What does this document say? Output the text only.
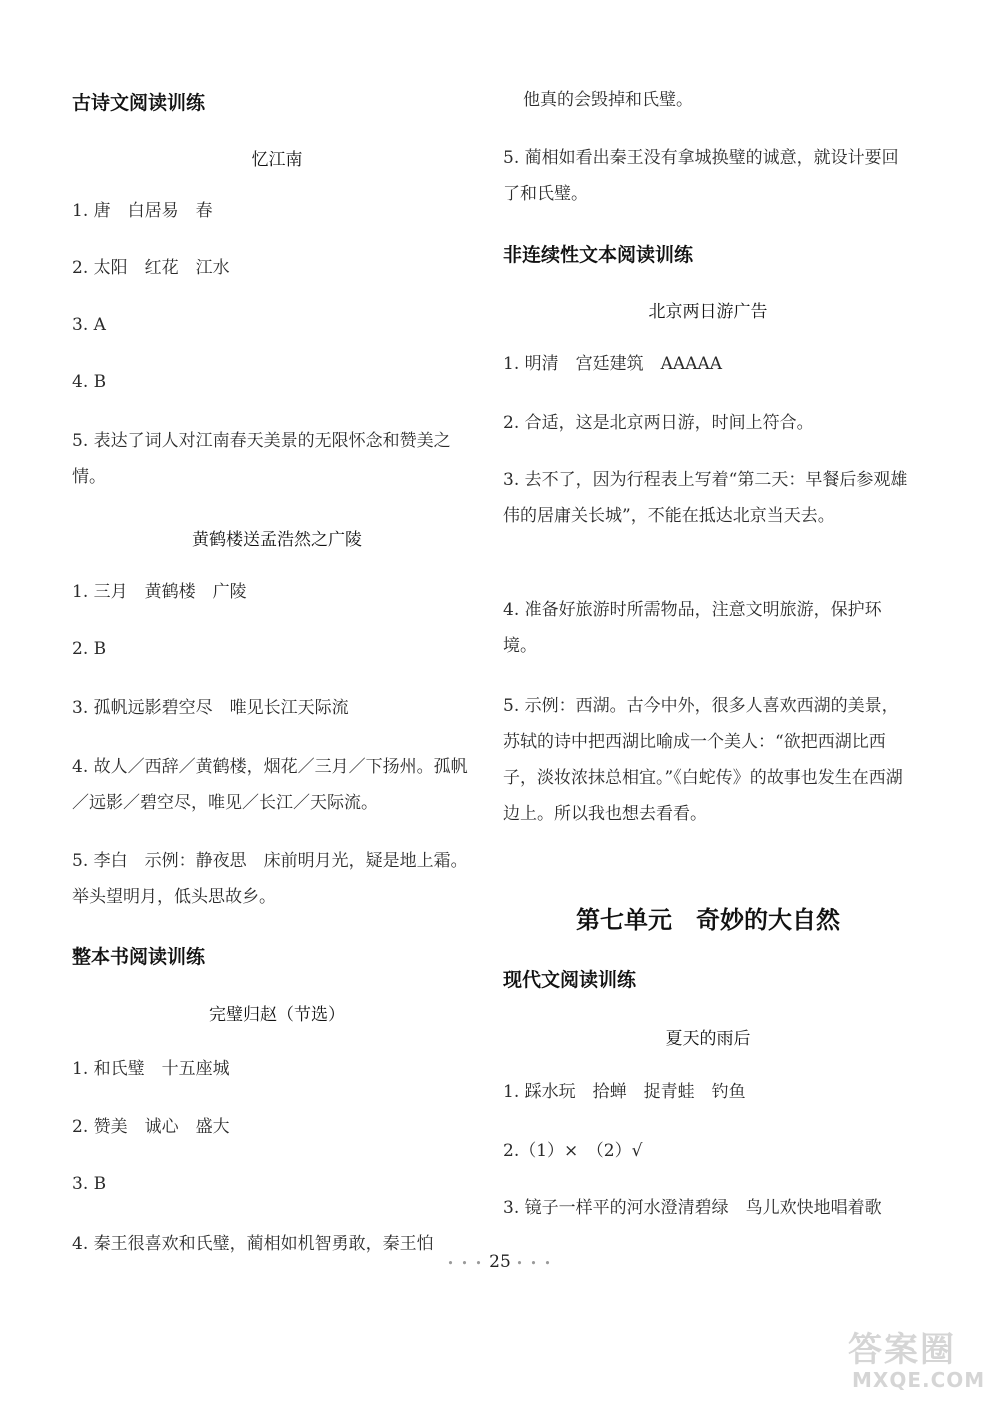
古诗文阅读训练
忆江南
1. 唐　白居易　春
2. 太阳　红花　江水
3. A
4. B
5. 表达了词人对江南春天美景的无限怀念和赞美之情。
黄鹤楼送孟浩然之广陵
1. 三月　黄鹤楼　广陵
2. B
3. 孤帆远影碧空尽　唯见长江天际流
4. 故人／西辞／黄鹤楼，烟花／三月／下扬州。孤帆／远影／碧空尽，唯见／长江／天际流。
5. 李白　示例：静夜思　床前明月光，疑是地上霜。举头望明月，低头思故乡。
整本书阅读训练
完璧归赵（节选）
1. 和氏璧　十五座城
2. 赞美　诚心　盛大
3. B
4. 秦王很喜欢和氏璧，蔺相如机智勇敢，秦王怕
他真的会毁掉和氏璧。
5. 蔺相如看出秦王没有拿城换璧的诚意，就设计要回了和氏璧。
非连续性文本阅读训练
北京两日游广告
1. 明清　宫廷建筑　AAAAA
2. 合适，这是北京两日游，时间上符合。
3. 去不了，因为行程表上写着“第二天：早餐后参观雄伟的居庸关长城”，不能在抵达北京当天去。
4. 准备好旅游时所需物品，注意文明旅游，保护环境。
5. 示例：西湖。古今中外，很多人喜欢西湖的美景，苏轼的诗中把西湖比喻成一个美人：“欲把西湖比西子，淡妆浓抹总相宜。”《白蛇传》的故事也发生在西湖边上。所以我也想去看看。
第七单元　奇妙的大自然
现代文阅读训练
夏天的雨后
1. 踩水玩　拾蝉　捉青蛙　钓鱼
2.（1）×　（2）√
3. 镜子一样平的河水澄清碧绿　鸟儿欢快地唱着歌
• • • 25 • • •
答案圈
MXQE.COM
